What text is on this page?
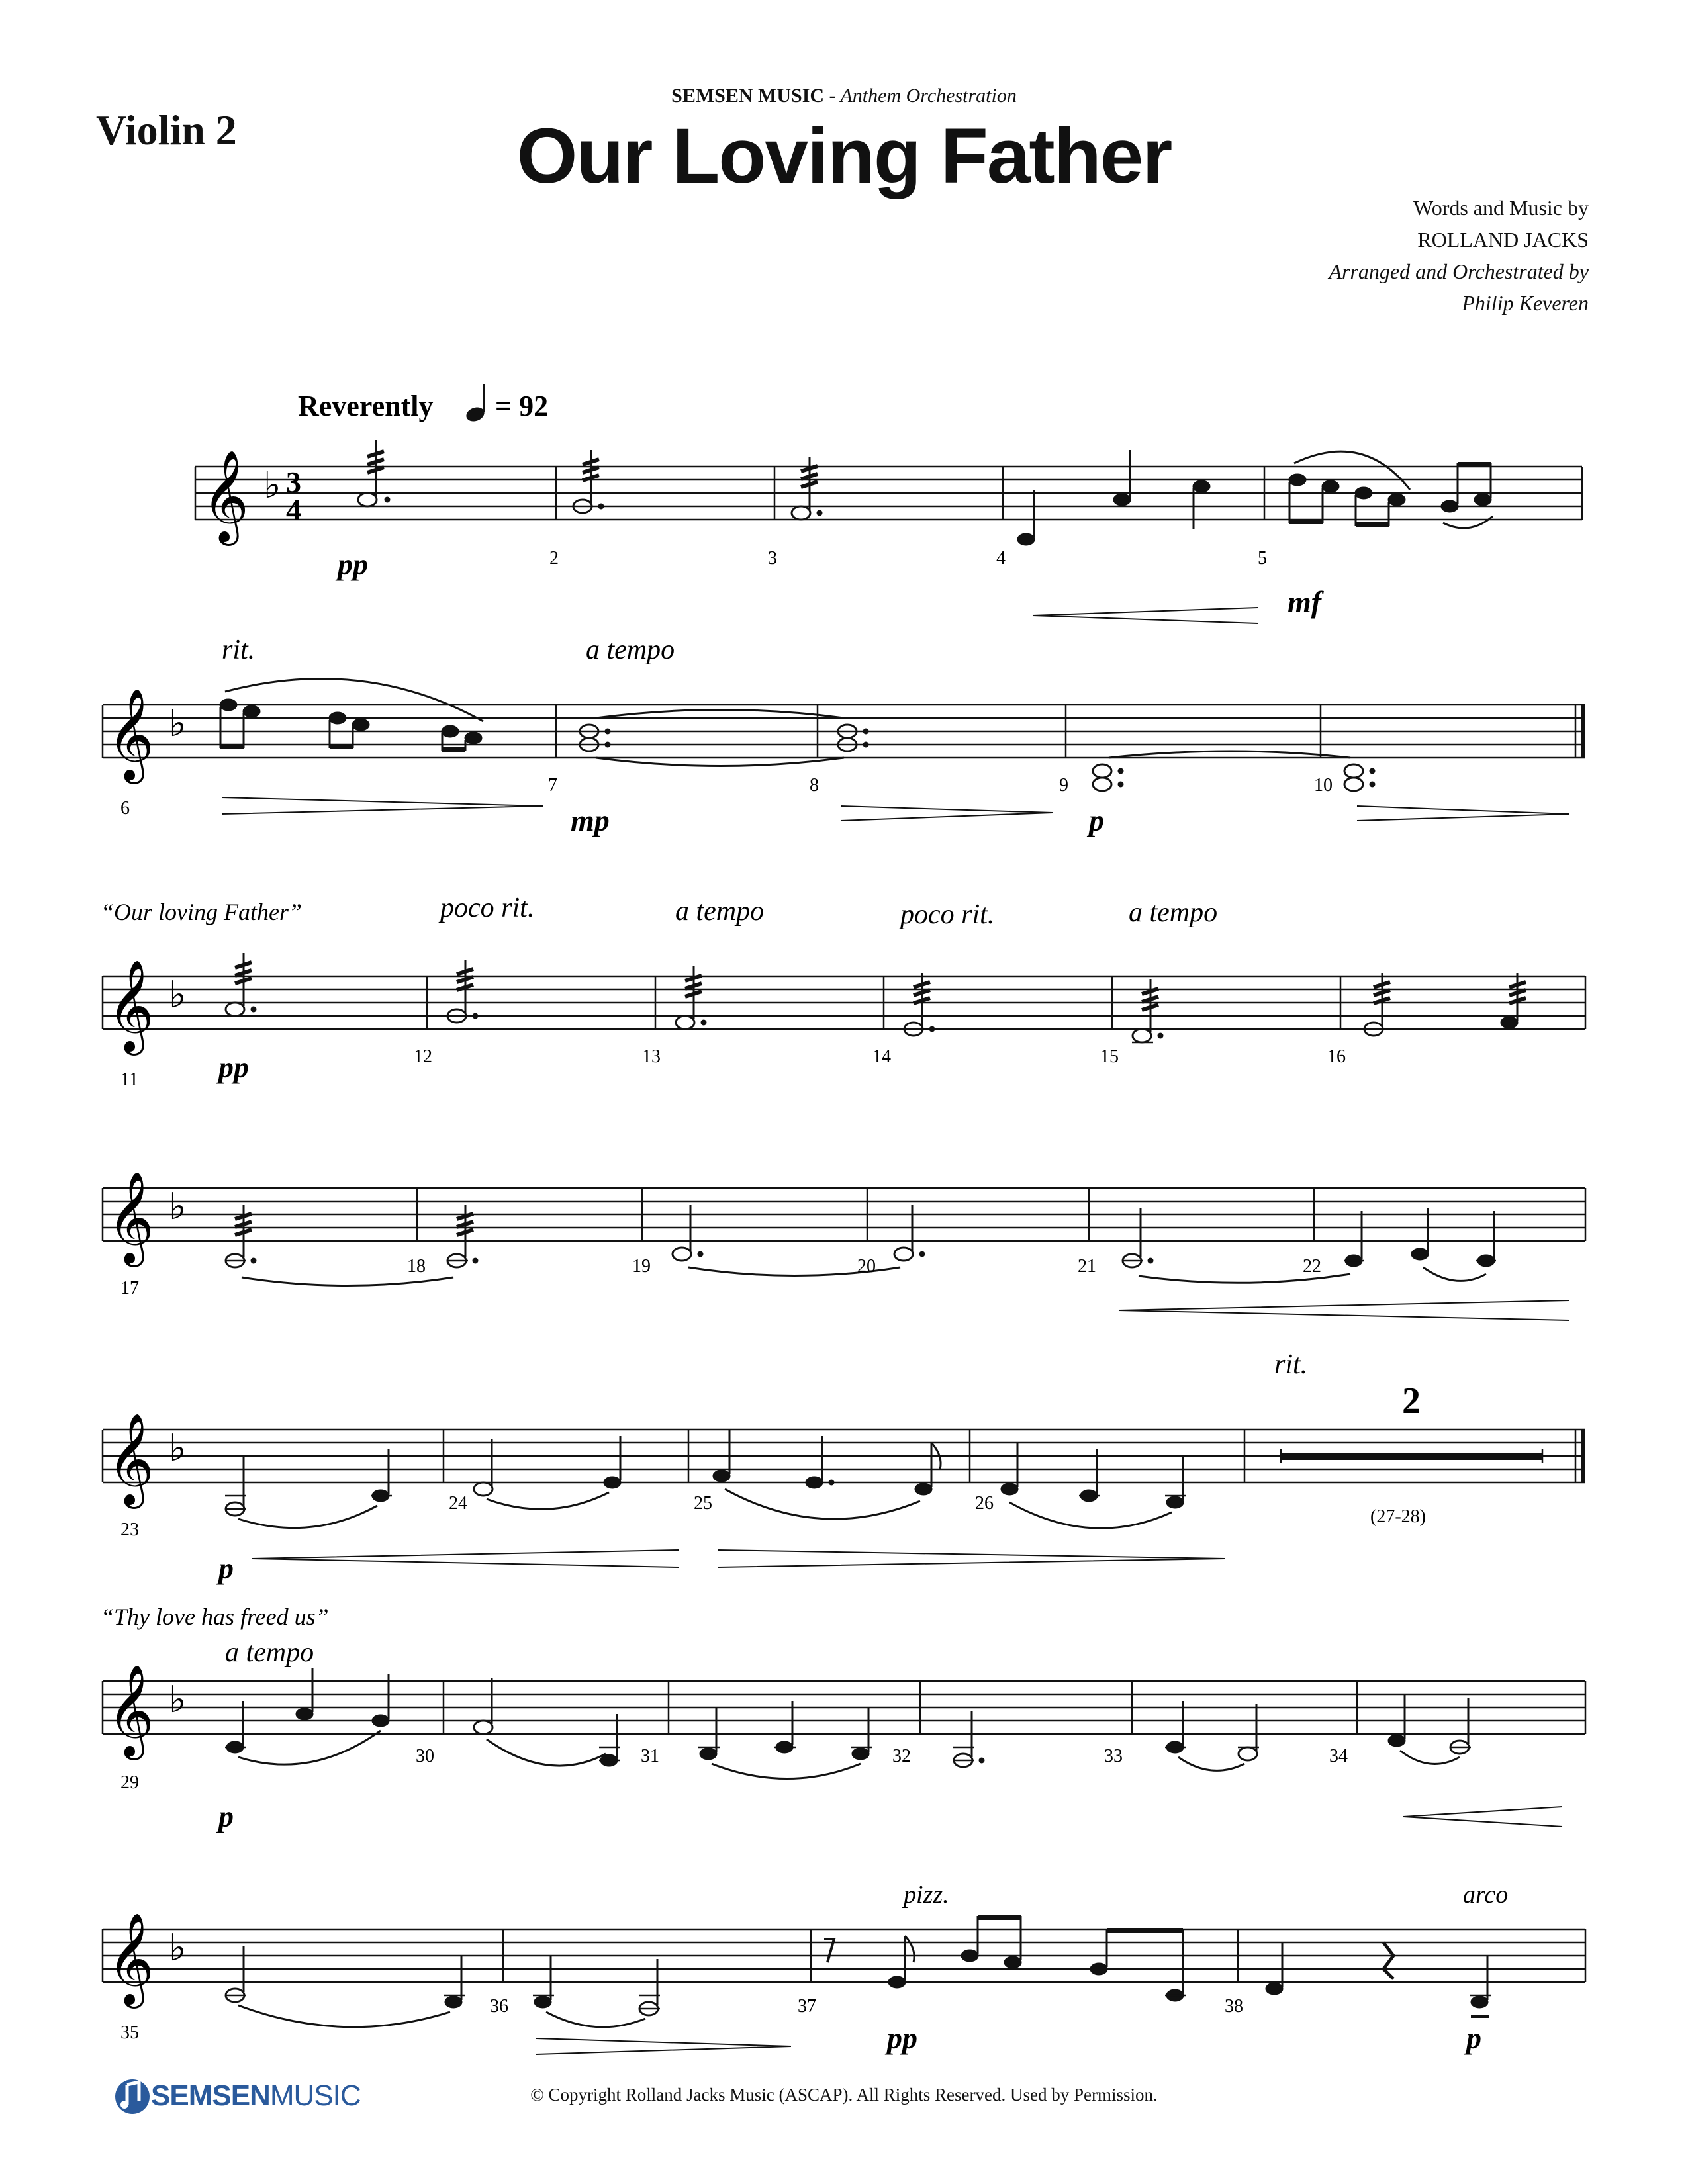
Violin 2
SEMSEN MUSIC - Anthem Orchestration
Our Loving Father
Words and Music by
ROLLAND JACKS
Arranged and Orchestrated by
Philip Keveren
Reverently = 92
𝄞 ♭ 3
4
pp
mf
2	3	4	5
𝄞 ♭
rit.	a tempo
mp	p
6
7	8	9	10
“Our loving Father”	poco rit.	a tempo	poco rit.	a tempo
𝄞 ♭
pp
11
12	13	14	15	16
𝄞 ♭
17
18	19	20	21	22
rit.
2
𝄞 ♭
p
23
24	25	26
(27-28)
“Thy love has freed us”
a tempo
𝄞 ♭
p
29
30	31	32	33	34
pizz.	arco
𝄞 ♭
pp	p
35
36	37	38
SEMSENMUSIC	© Copyright Rolland Jacks Music (ASCAP). All Rights Reserved. Used by Permission.
